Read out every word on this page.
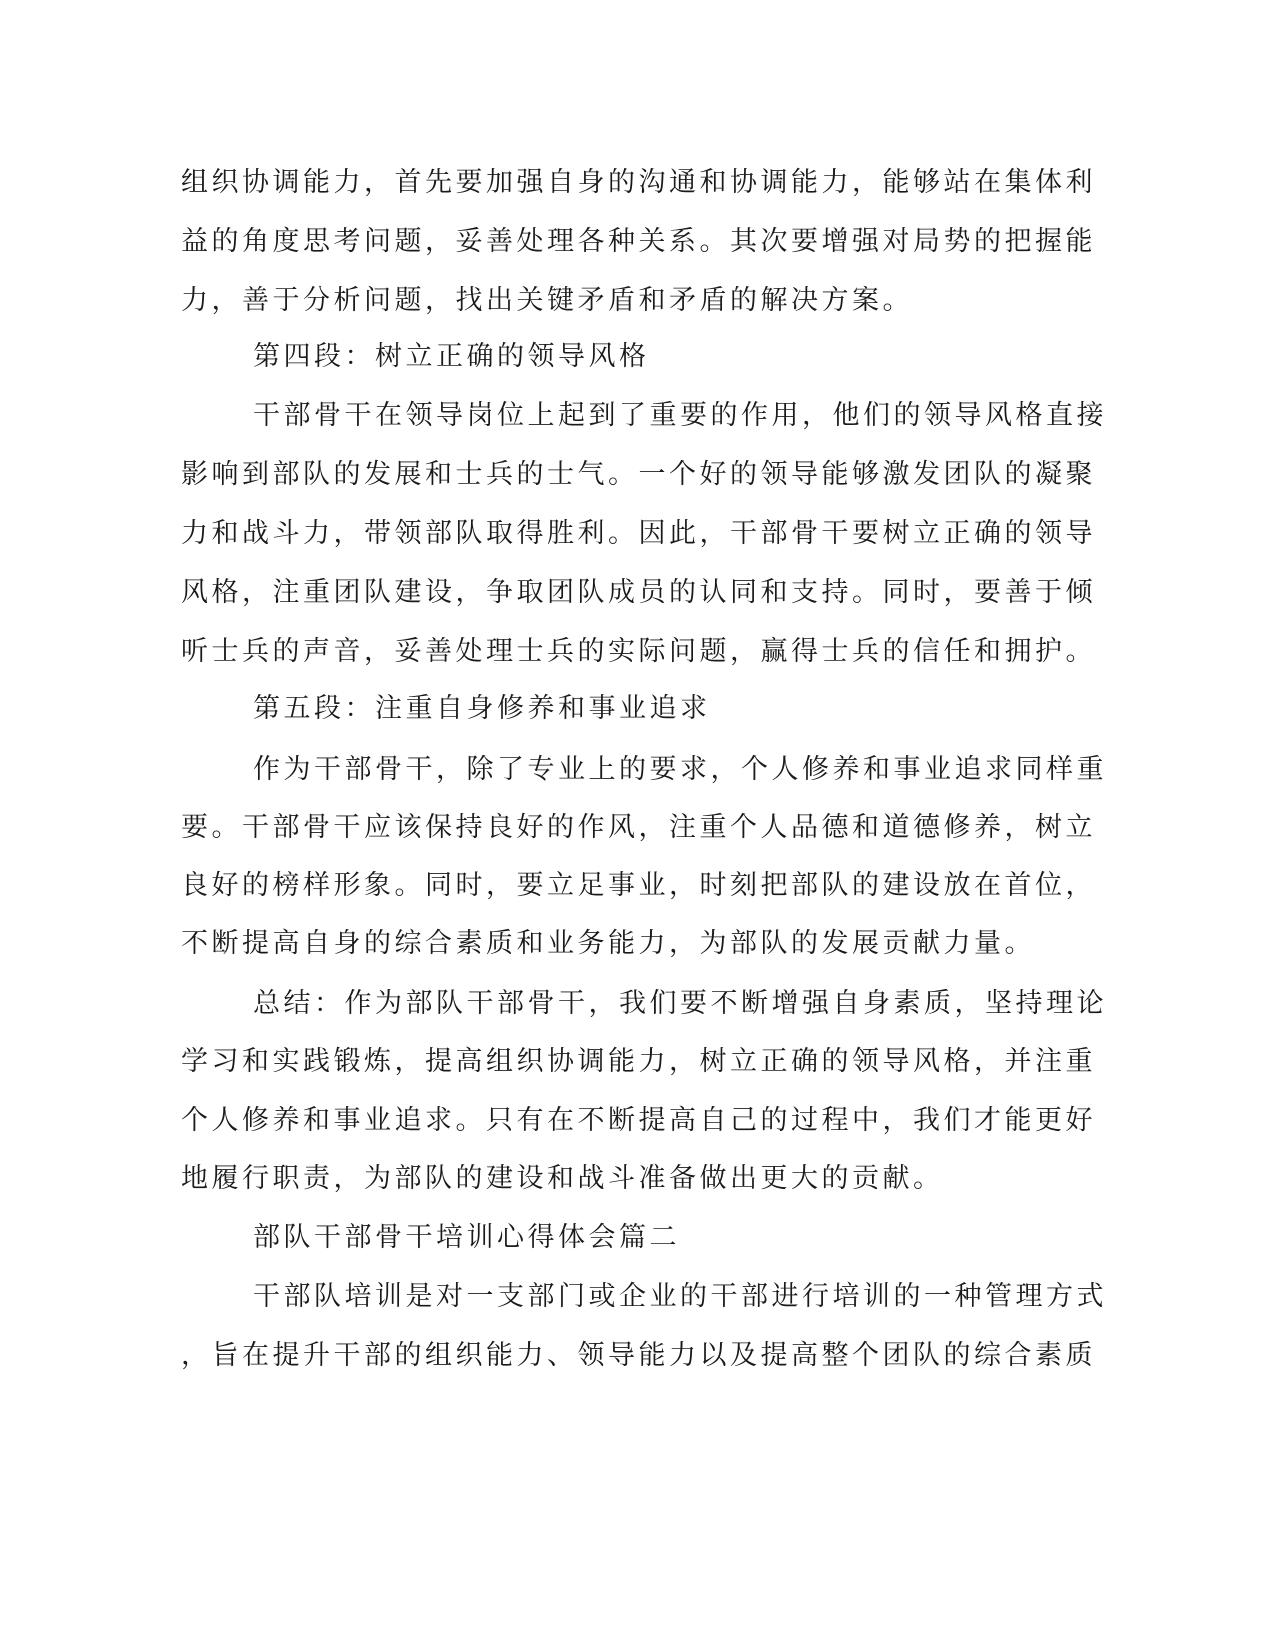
组织协调能力，首先要加强自身的沟通和协调能力，能够站在集体利
益的角度思考问题，妥善处理各种关系。其次要增强对局势的把握能
力，善于分析问题，找出关键矛盾和矛盾的解决方案。
第四段：树立正确的领导风格
干部骨干在领导岗位上起到了重要的作用，他们的领导风格直接
影响到部队的发展和士兵的士气。一个好的领导能够激发团队的凝聚
力和战斗力，带领部队取得胜利。因此，干部骨干要树立正确的领导
风格，注重团队建设，争取团队成员的认同和支持。同时，要善于倾
听士兵的声音，妥善处理士兵的实际问题，赢得士兵的信任和拥护。
第五段：注重自身修养和事业追求
作为干部骨干，除了专业上的要求，个人修养和事业追求同样重
要。干部骨干应该保持良好的作风，注重个人品德和道德修养，树立
良好的榜样形象。同时，要立足事业，时刻把部队的建设放在首位，
不断提高自身的综合素质和业务能力，为部队的发展贡献力量。
总结：作为部队干部骨干，我们要不断增强自身素质，坚持理论
学习和实践锻炼，提高组织协调能力，树立正确的领导风格，并注重
个人修养和事业追求。只有在不断提高自己的过程中，我们才能更好
地履行职责，为部队的建设和战斗准备做出更大的贡献。
部队干部骨干培训心得体会篇二
干部队培训是对一支部门或企业的干部进行培训的一种管理方式
，旨在提升干部的组织能力、领导能力以及提高整个团队的综合素质
